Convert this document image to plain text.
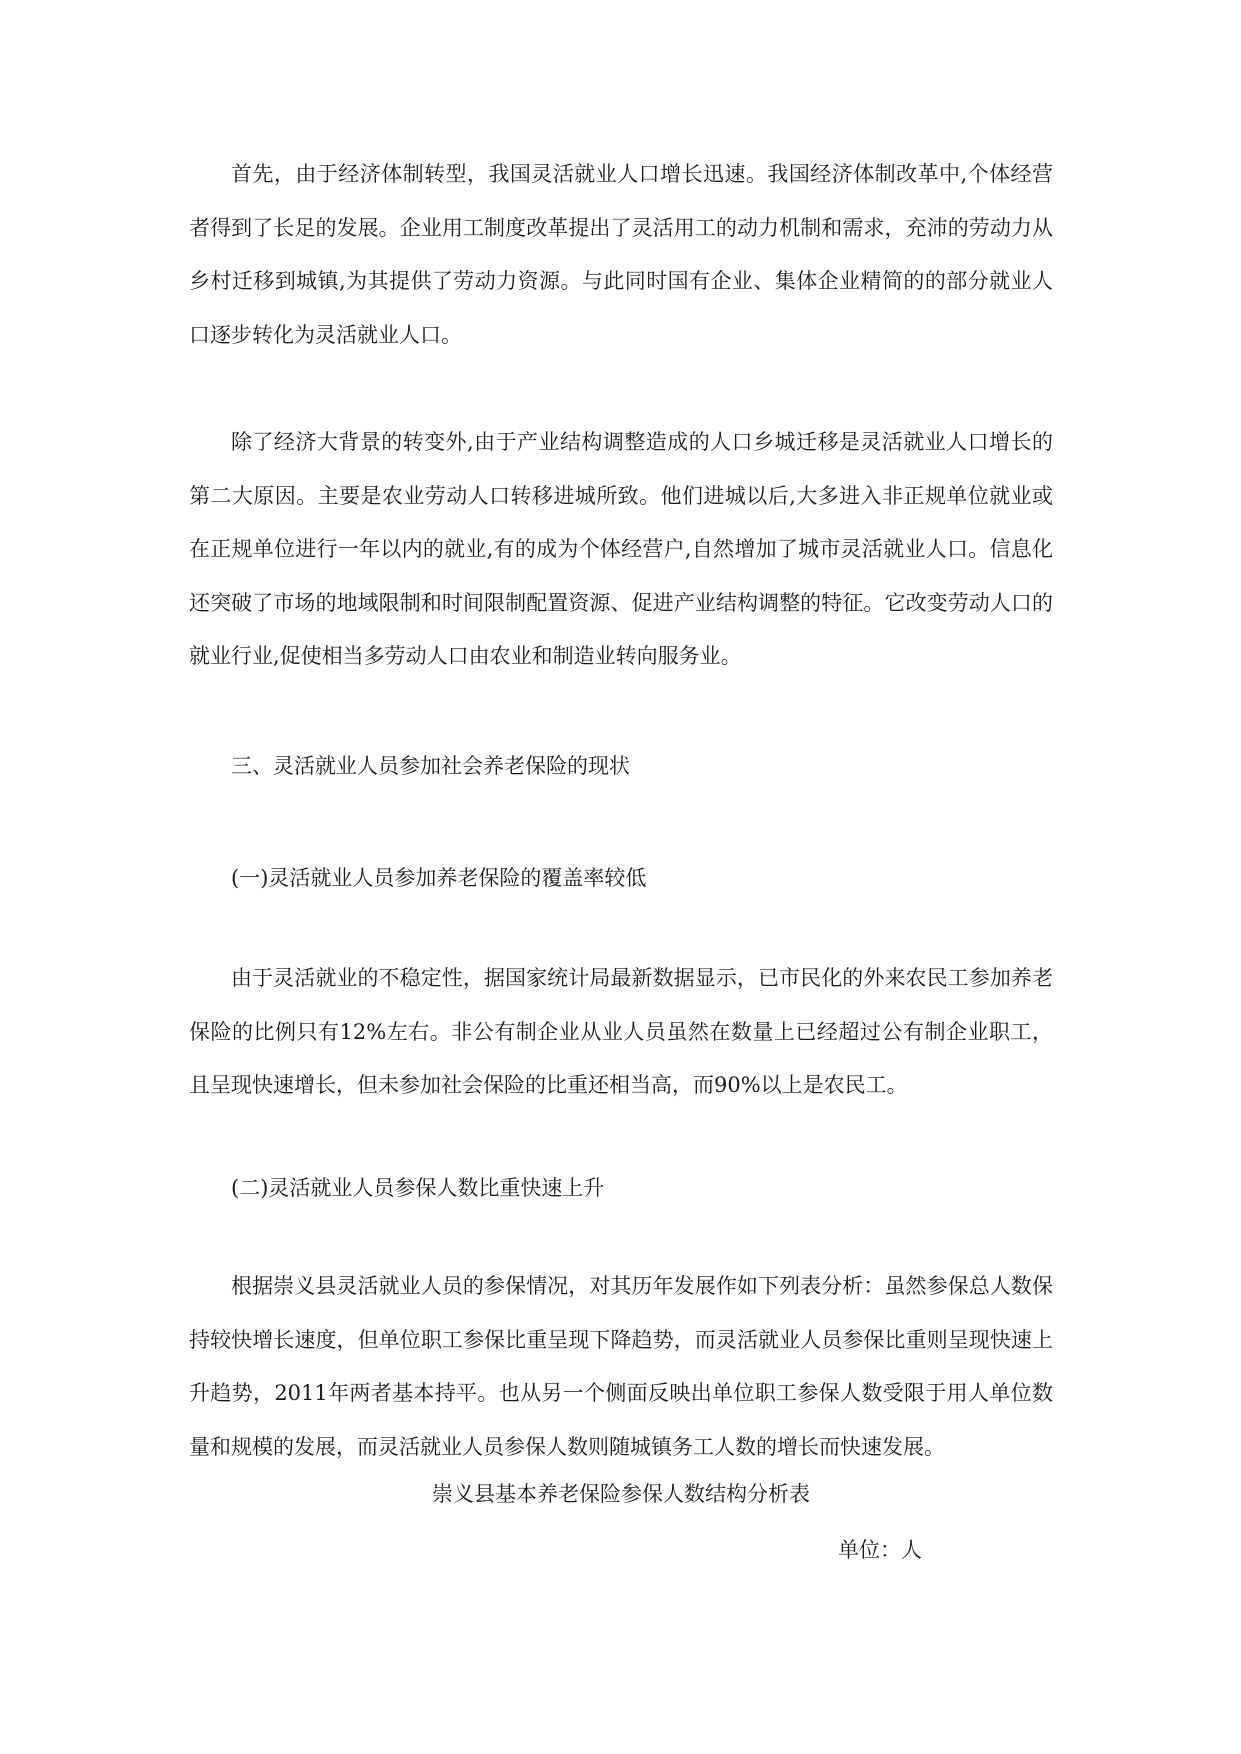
首先，由于经济体制转型，我国灵活就业人口增长迅速。我国经济体制改革中,个体经营者得到了长足的发展。企业用工制度改革提出了灵活用工的动力机制和需求，充沛的劳动力从乡村迁移到城镇,为其提供了劳动力资源。与此同时国有企业、集体企业精简的的部分就业人口逐步转化为灵活就业人口。

除了经济大背景的转变外,由于产业结构调整造成的人口乡城迁移是灵活就业人口增长的第二大原因。主要是农业劳动人口转移进城所致。他们进城以后,大多进入非正规单位就业或在正规单位进行一年以内的就业,有的成为个体经营户,自然增加了城市灵活就业人口。信息化还突破了市场的地域限制和时间限制配置资源、促进产业结构调整的特征。它改变劳动人口的就业行业,促使相当多劳动人口由农业和制造业转向服务业。

三、灵活就业人员参加社会养老保险的现状

(一)灵活就业人员参加养老保险的覆盖率较低

由于灵活就业的不稳定性，据国家统计局最新数据显示，已市民化的外来农民工参加养老保险的比例只有12%左右。非公有制企业从业人员虽然在数量上已经超过公有制企业职工，且呈现快速增长，但未参加社会保险的比重还相当高，而90%以上是农民工。

(二)灵活就业人员参保人数比重快速上升

根据崇义县灵活就业人员的参保情况，对其历年发展作如下列表分析：虽然参保总人数保持较快增长速度，但单位职工参保比重呈现下降趋势，而灵活就业人员参保比重则呈现快速上升趋势，2011年两者基本持平。也从另一个侧面反映出单位职工参保人数受限于用人单位数量和规模的发展，而灵活就业人员参保人数则随城镇务工人数的增长而快速发展。

崇义县基本养老保险参保人数结构分析表

单位：人
